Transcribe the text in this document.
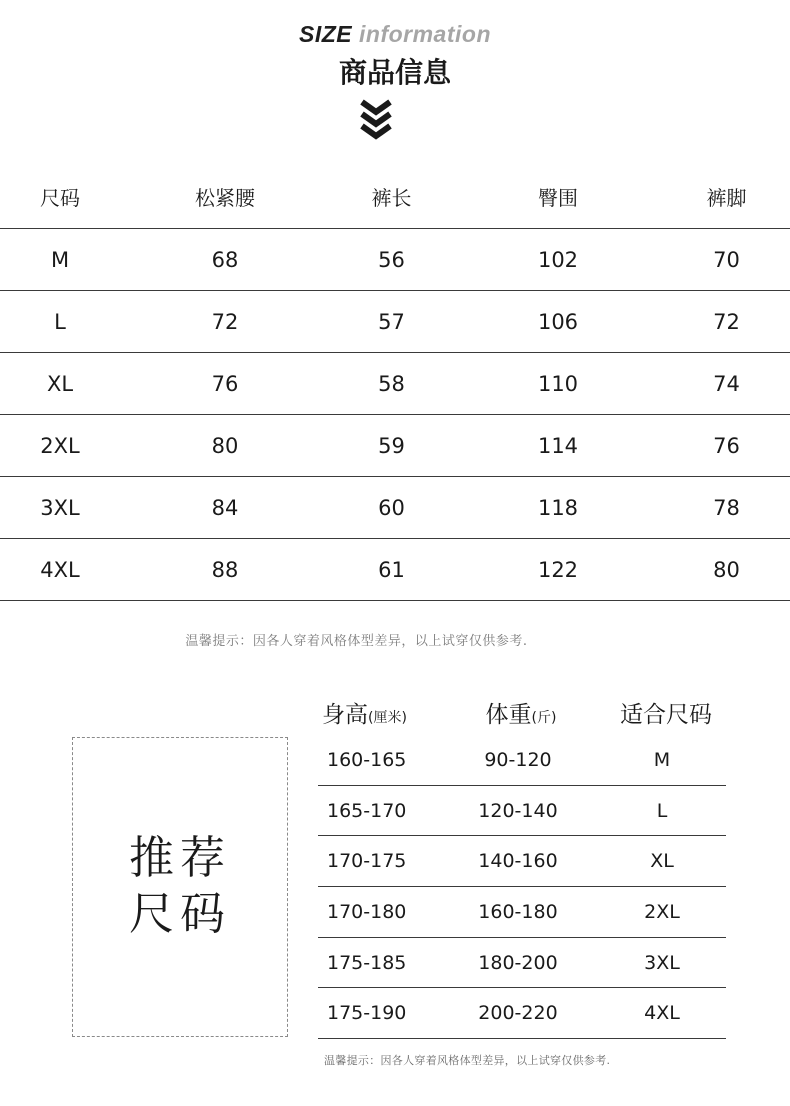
SIZE information
商品信息
尺码	松紧腰	裤长	臀围	裤脚
M	68	56	102	70
L	72	57	106	72
XL	76	58	110	74
2XL	80	59	114	76
3XL	84	60	118	78
4XL	88	61	122	80
温馨提示：因各人穿着风格体型差异，以上试穿仅供参考.
推荐
尺码
身高(厘米)	体重(斤)	适合尺码
160-165	90-120	M
165-170	120-140	L
170-175	140-160	XL
170-180	160-180	2XL
175-185	180-200	3XL
175-190	200-220	4XL
温馨提示：因各人穿着风格体型差异，以上试穿仅供参考.
